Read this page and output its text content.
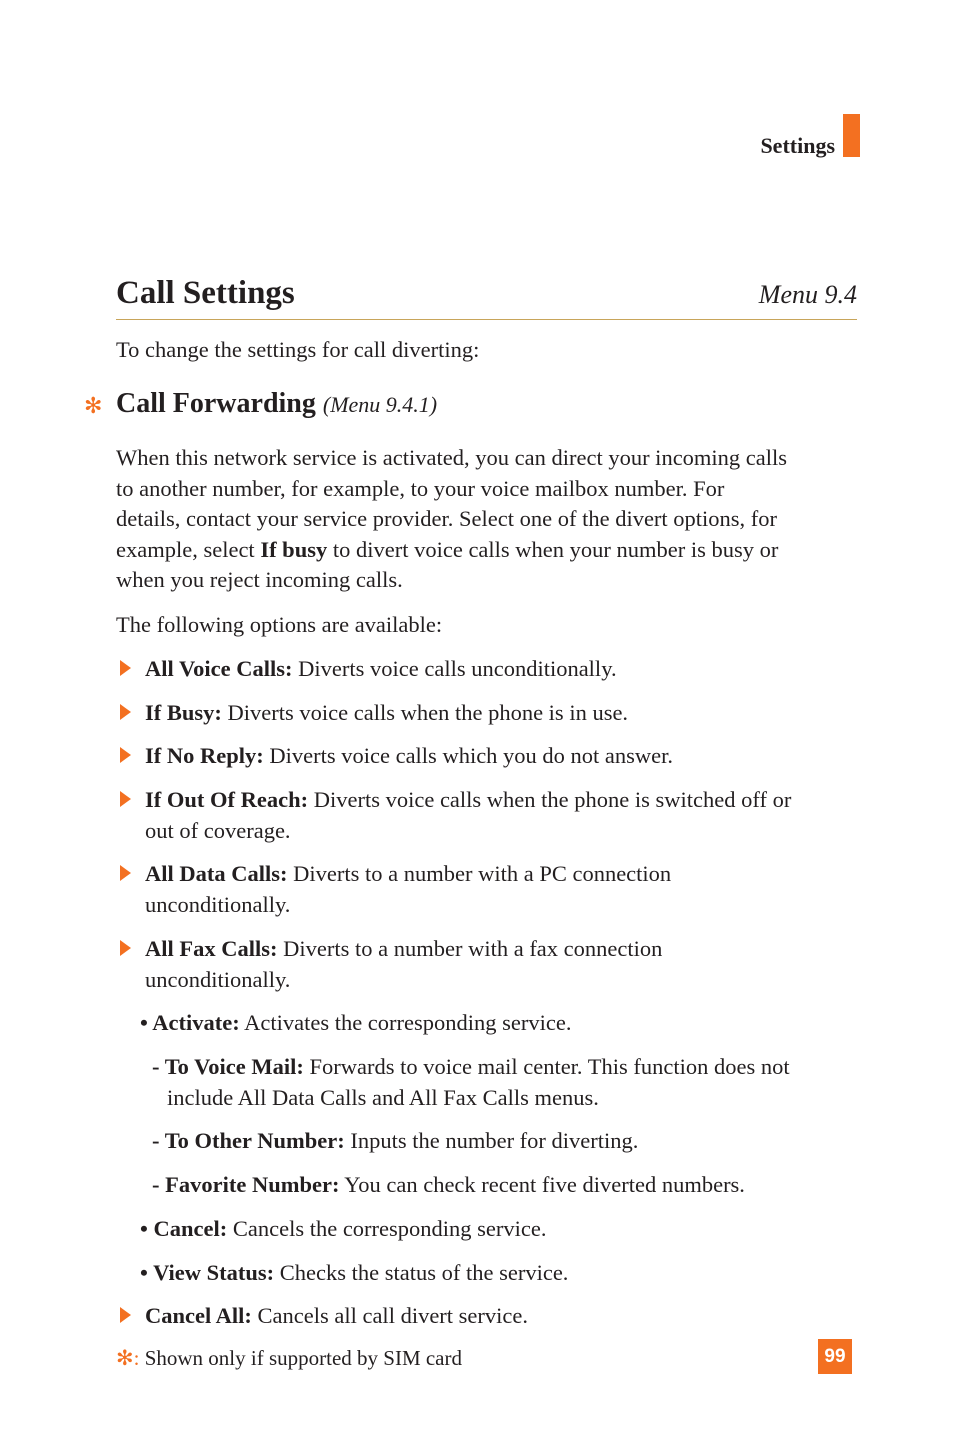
Settings
Call Settings	Menu 9.4
To change the settings for call diverting:
✻ Call Forwarding (Menu 9.4.1)
When this network service is activated, you can direct your incoming calls
to another number, for example, to your voice mailbox number. For
details, contact your service provider. Select one of the divert options, for
example, select If busy to divert voice calls when your number is busy or
when you reject incoming calls.
The following options are available:
All Voice Calls: Diverts voice calls unconditionally.
If Busy: Diverts voice calls when the phone is in use.
If No Reply: Diverts voice calls which you do not answer.
If Out Of Reach: Diverts voice calls when the phone is switched off or
out of coverage.
All Data Calls: Diverts to a number with a PC connection
unconditionally.
All Fax Calls: Diverts to a number with a fax connection
unconditionally.
• Activate: Activates the corresponding service.
- To Voice Mail: Forwards to voice mail center. This function does not
include All Data Calls and All Fax Calls menus.
- To Other Number: Inputs the number for diverting.
- Favorite Number: You can check recent five diverted numbers.
• Cancel: Cancels the corresponding service.
• View Status: Checks the status of the service.
Cancel All: Cancels all call divert service.
✻: Shown only if supported by SIM card	99
